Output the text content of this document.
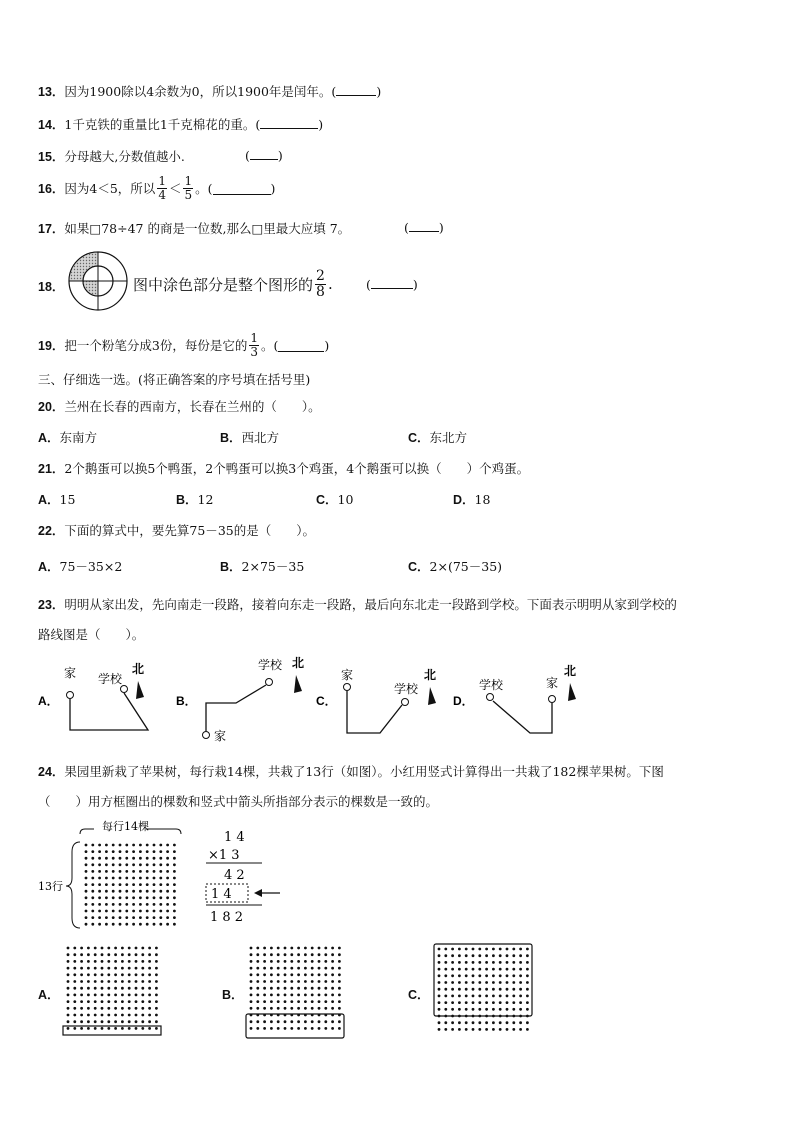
13．因为1900除以4余数为0，所以1900年是闰年。(	)
14．1千克铁的重量比1千克棉花的重。(	)
15．分母越大,分数值越小.	( )
16． 因为4＜5，所以 $\frac{1}{4} < \frac{1}{5}$ 。(	)
17．如果□78÷47 的商是一位数,那么□里最大应填 7。	( )
18．	图中涂色部分是整个图形的 $\frac{2}{8}$ .	(	)
19． 把一个粉笔分成3份，每份是它的 $\frac{1}{3}$ 。(	)
三、仔细选一选。(将正确答案的序号填在括号里)
20．兰州在长春的西南方，长春在兰州的（　　）。
A．东南方	B．西北方	C．东北方
21．2个鹅蛋可以换5个鸭蛋，2个鸭蛋可以换3个鸡蛋，4个鹅蛋可以换（　　）个鸡蛋。
A．15	B．12	C．10	D．18
22．下面的算式中，要先算75－35的是（　　）。
A．75－35×2	B．2×75－35	C．2×(75－35)
23．明明从家出发，先向南走一段路，接着向东走一段路，最后向东北走一段路到学校。下面表示明明从家到学校的
路线图是（　　）。
A．
家 学校
北
B．
学校 北
家
C．
家
学校
北
D．
学校	家
北
24．果园里新栽了苹果树，每行栽14棵，共栽了13行（如图）。小红用竖式计算得出一共栽了182棵苹果树。下图
（　　）用方框圈出的棵数和竖式中箭头所指部分表示的棵数是一致的。
每行14棵
13行
1 4
×1 3
4 2
1 4
1 8 2
A．	B．	C．
